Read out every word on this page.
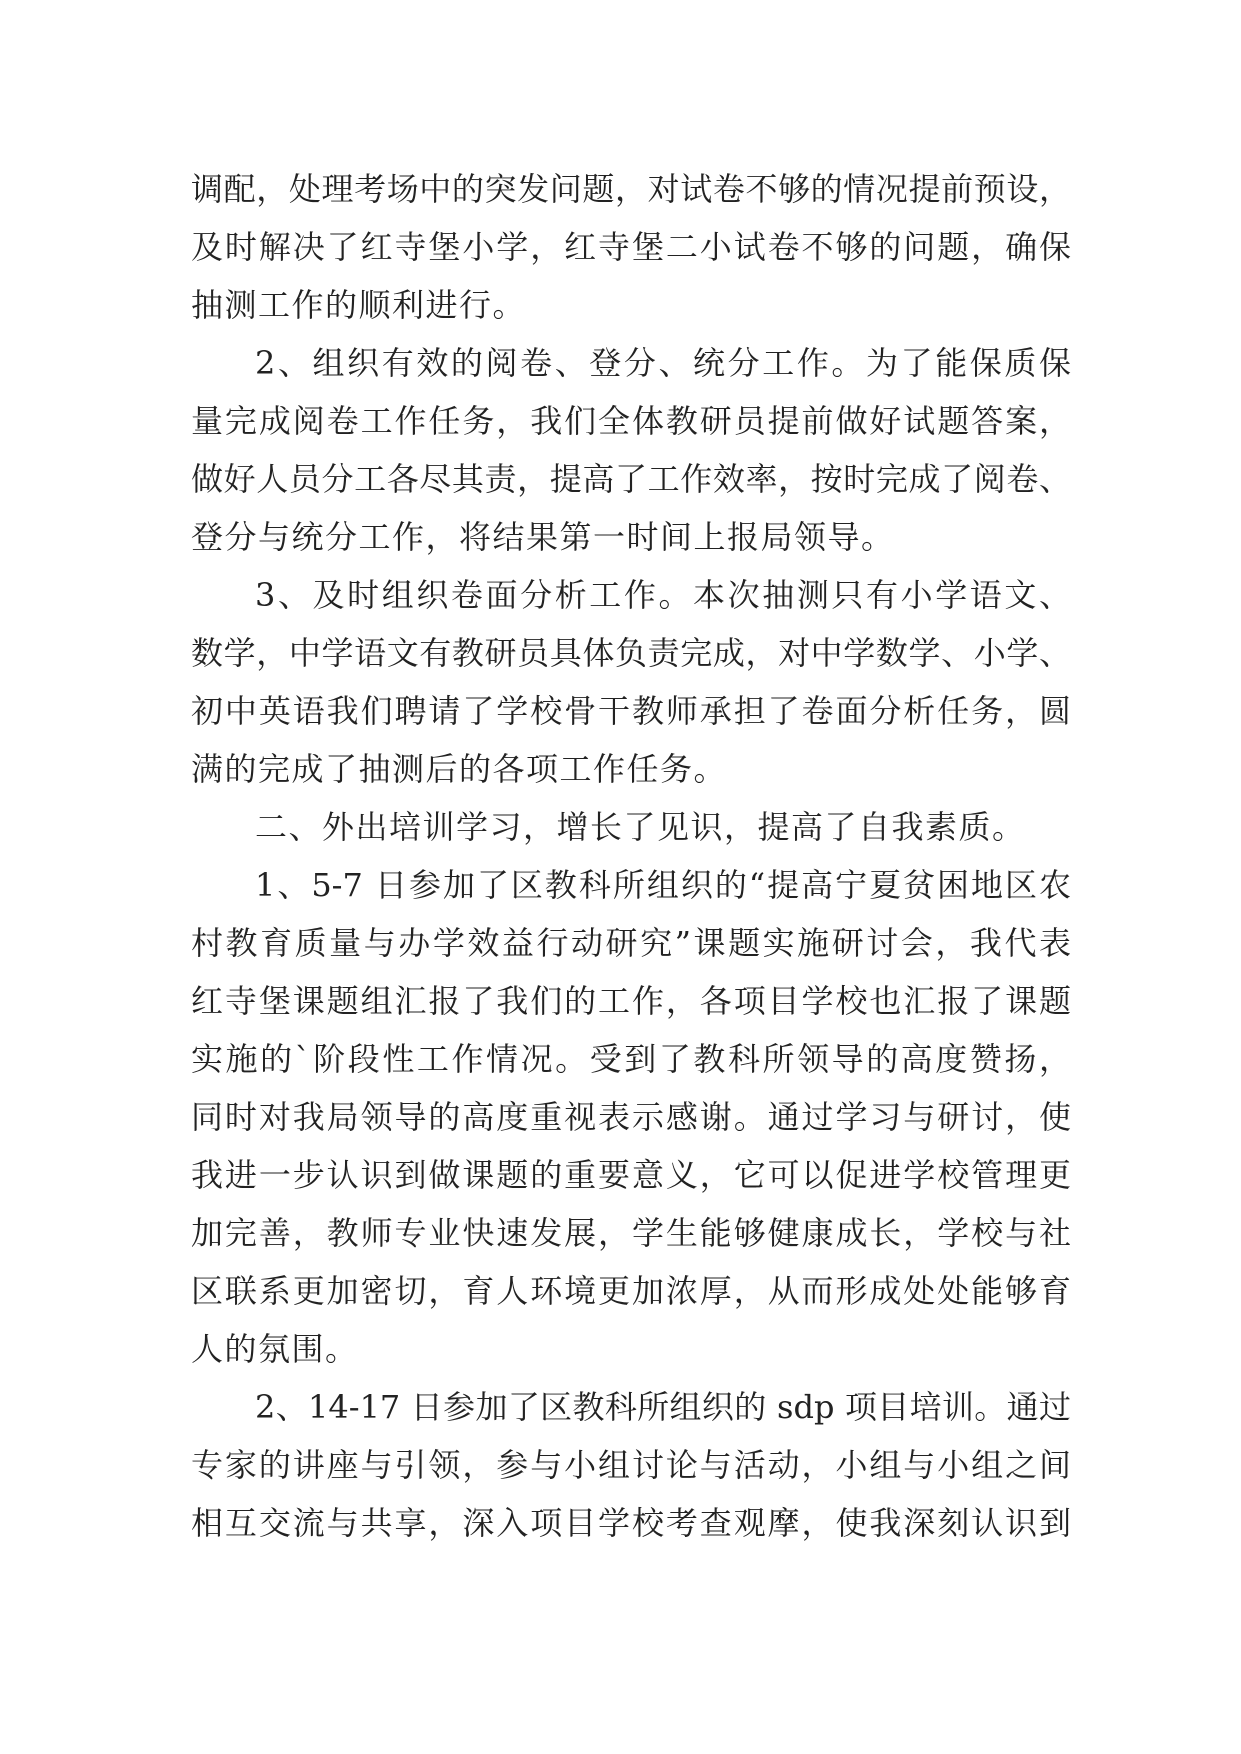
调配，处理考场中的突发问题，对试卷不够的情况提前预设，
及时解决了红寺堡小学，红寺堡二小试卷不够的问题，确保
抽测工作的顺利进行。
2、组织有效的阅卷、登分、统分工作。为了能保质保
量完成阅卷工作任务，我们全体教研员提前做好试题答案，
做好人员分工各尽其责，提高了工作效率，按时完成了阅卷、
登分与统分工作，将结果第一时间上报局领导。
3、及时组织卷面分析工作。本次抽测只有小学语文、
数学，中学语文有教研员具体负责完成，对中学数学、小学、
初中英语我们聘请了学校骨干教师承担了卷面分析任务，圆
满的完成了抽测后的各项工作任务。
二、外出培训学习，增长了见识，提高了自我素质。
1、5-7 日参加了区教科所组织的“提高宁夏贫困地区农
村教育质量与办学效益行动研究”课题实施研讨会，我代表
红寺堡课题组汇报了我们的工作，各项目学校也汇报了课题
实施的`阶段性工作情况。受到了教科所领导的高度赞扬，
同时对我局领导的高度重视表示感谢。通过学习与研讨，使
我进一步认识到做课题的重要意义，它可以促进学校管理更
加完善，教师专业快速发展，学生能够健康成长，学校与社
区联系更加密切，育人环境更加浓厚，从而形成处处能够育
人的氛围。
2、14-17 日参加了区教科所组织的 sdp 项目培训。通过
专家的讲座与引领，参与小组讨论与活动，小组与小组之间
相互交流与共享，深入项目学校考查观摩，使我深刻认识到
